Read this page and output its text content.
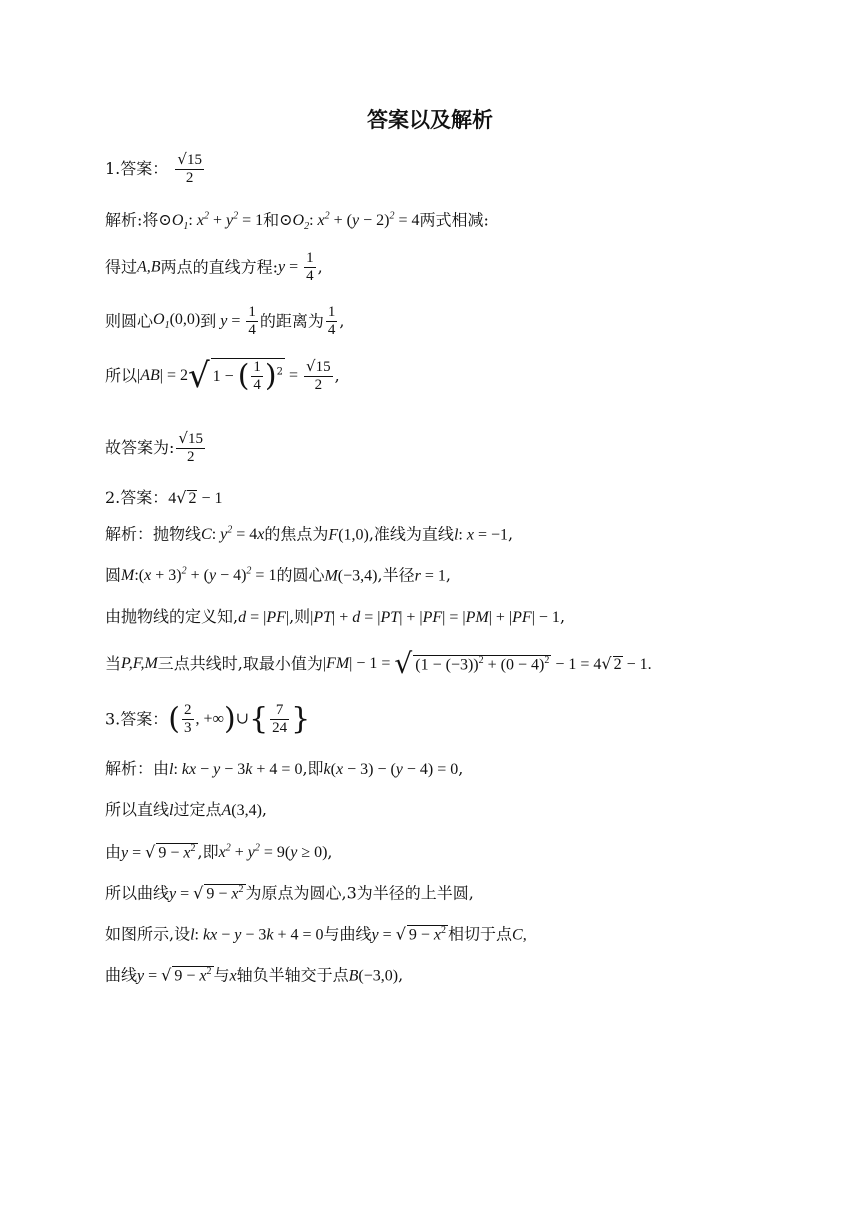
答案以及解析
1.答案： $\frac{√15}{2}$
解析:将$⊙O_1$: $x^2 + y^2 = 1$和$⊙O_2$: $x^2 + (y - 2)^2 = 4$两式相减:
得过A,B两点的直线方程:y = $\frac{1}{4}$ ,
则圆心$O_1(0,0)$到 $y = \frac{1}{4}$ 的距离为 $\frac{1}{4}$ ,
所以|AB| = 2√ 1 − ( $\frac{1}{4} )^2 = \frac{√15}{2}$ ,
故答案为: $\frac{√15}{2}$
2.答案：4√ 2 − 1
解析：抛物线C: $y^2 = 4x$的焦点为F(1,0),准线为直线l: x = −1,
圆M:(x + $3)^2 + (y - 4)^2 = 1$的圆心M(−3,4),半径r = 1,
由抛物线的定义知,d = |PF|,则|PT| + d = |PT| + |PF| = |PM| + |PF| − 1,
当P,F,M三点共线时,取最小值为|FM| − 1 = √ $(1 - (-3))^2 + (0 - 4)^2 - 1 = 4√$ 2 − 1.
3.答案：( $\frac{2}{3}$ , +∞)∪{ $\frac{7}{24}$ }
解析：由l: kx − y − 3k + 4 = 0,即k(x − 3) − (y − 4) = 0,
所以直线l过定点A(3,4),
由y = √ $9 - x^2$ ,即$x^2 + y^2 = 9(y \ge 0)$,
所以曲线y = √ $9 - x^2$ 为原点为圆心,3为半径的上半圆,
如图所示,设l: kx − y − 3k + 4 = 0与曲线y = √ $9 - x^2$ 相切于点C,
曲线y = √ $9 - x^2$ 与x轴负半轴交于点B(−3,0),
